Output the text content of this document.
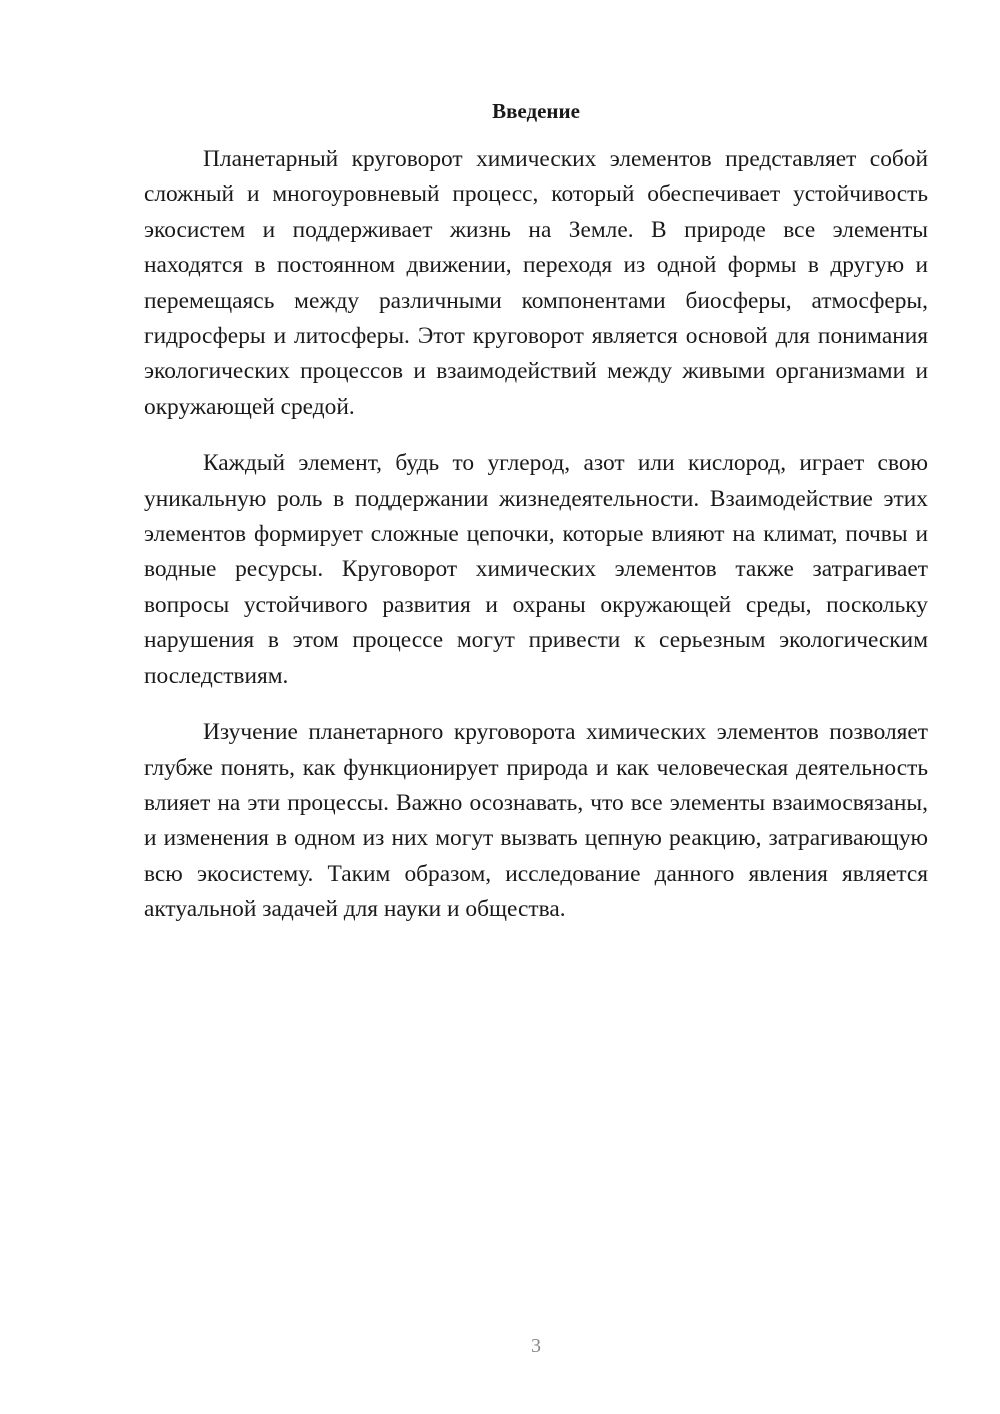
Введение

Планетарный круговорот химических элементов представляет собой сложный и многоуровневый процесс, который обеспечивает устойчивость экосистем и поддерживает жизнь на Земле. В природе все элементы находятся в постоянном движении, переходя из одной формы в другую и перемещаясь между различными компонентами биосферы, атмосферы, гидросферы и литосферы. Этот круговорот является основой для понимания экологических процессов и взаимодействий между живыми организмами и окружающей средой.

Каждый элемент, будь то углерод, азот или кислород, играет свою уникальную роль в поддержании жизнедеятельности. Взаимодействие этих элементов формирует сложные цепочки, которые влияют на климат, почвы и водные ресурсы. Круговорот химических элементов также затрагивает вопросы устойчивого развития и охраны окружающей среды, поскольку нарушения в этом процессе могут привести к серьезным экологическим последствиям.

Изучение планетарного круговорота химических элементов позволяет глубже понять, как функционирует природа и как человеческая деятельность влияет на эти процессы. Важно осознавать, что все элементы взаимосвязаны, и изменения в одном из них могут вызвать цепную реакцию, затрагивающую всю экосистему. Таким образом, исследование данного явления является актуальной задачей для науки и общества.

3
